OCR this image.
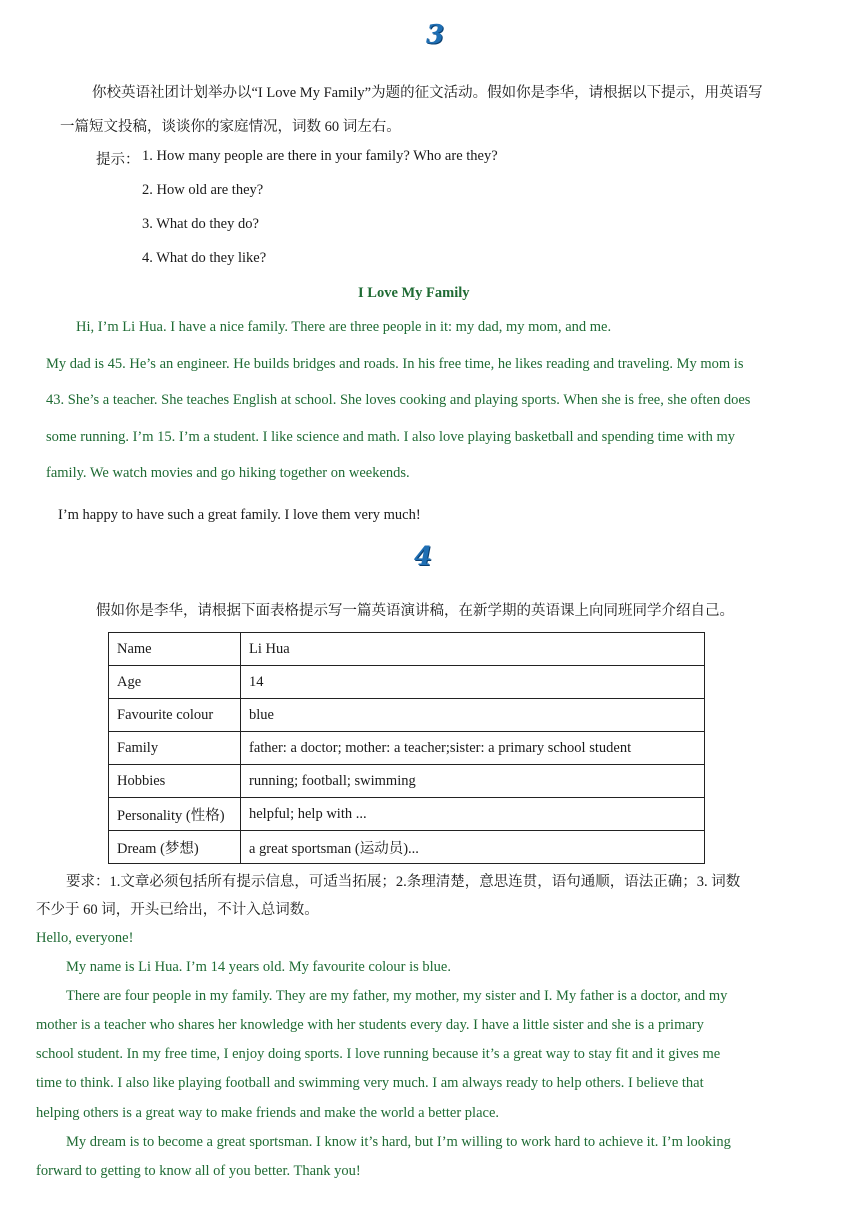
3
你校英语社团计划举办以“I Love My Family”为题的征文活动。假如你是李华，请根据以下提示，用英语写
一篇短文投稿，谈谈你的家庭情况，词数 60 词左右。
提示： 1. How many people are there in your family? Who are they?
2. How old are they?
3. What do they do?
4. What do they like?
I Love My Family
Hi, I’m Li Hua. I have a nice family. There are three people in it: my dad, my mom, and me.
My dad is 45. He’s an engineer. He builds bridges and roads. In his free time, he likes reading and traveling. My mom is
43. She’s a teacher. She teaches English at school. She loves cooking and playing sports. When she is free, she often does
some running. I’m 15. I’m a student. I like science and math. I also love playing basketball and spending time with my
family. We watch movies and go hiking together on weekends.
I’m happy to have such a great family. I love them very much!
4
假如你是李华，请根据下面表格提示写一篇英语演讲稿，在新学期的英语课上向同班同学介绍自己。
Name	Li Hua
Age	14
Favourite colour	blue
Family	father: a doctor; mother: a teacher;sister: a primary school student
Hobbies	running; football; swimming
Personality (性格)	helpful; help with ...
Dream (梦想)	a great sportsman (运动员)...
要求：1.文章必须包括所有提示信息，可适当拓展；2.条理清楚，意思连贯，语句通顺，语法正确；3. 词数
不少于 60 词，开头已给出，不计入总词数。
Hello, everyone!
My name is Li Hua. I’m 14 years old. My favourite colour is blue.
There are four people in my family. They are my father, my mother, my sister and I. My father is a doctor, and my
mother is a teacher who shares her knowledge with her students every day. I have a little sister and she is a primary
school student. In my free time, I enjoy doing sports. I love running because it’s a great way to stay fit and it gives me
time to think. I also like playing football and swimming very much. I am always ready to help others. I believe that
helping others is a great way to make friends and make the world a better place.
My dream is to become a great sportsman. I know it’s hard, but I’m willing to work hard to achieve it. I’m looking
forward to getting to know all of you better. Thank you!
